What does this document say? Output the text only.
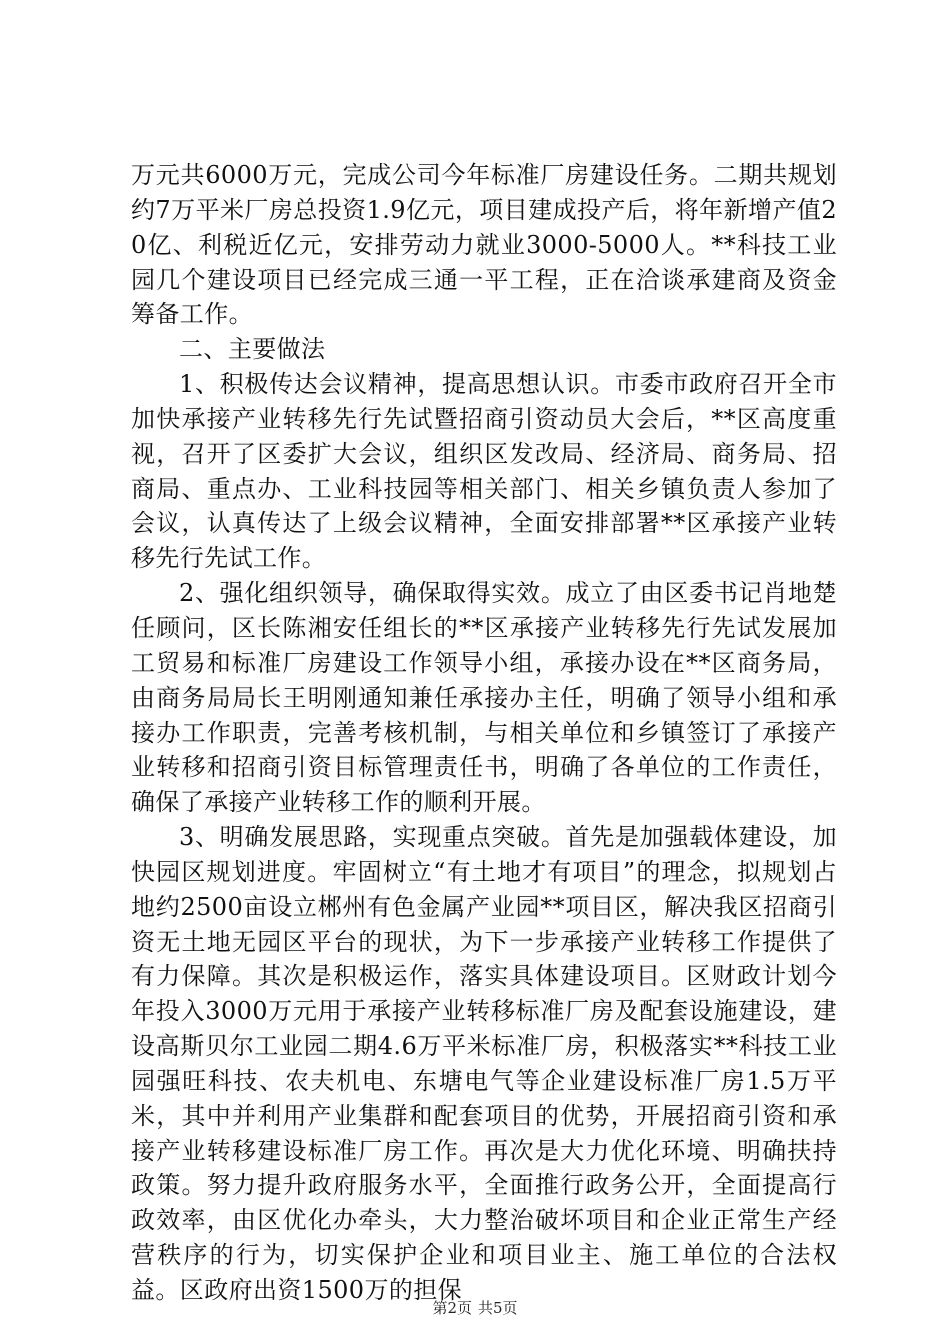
万元共6000万元，完成公司今年标准厂房建设任务。二期共规划约7万平米厂房总投资1.9亿元，项目建成投产后，将年新增产值20亿、利税近亿元，安排劳动力就业3000-5000人。**科技工业园几个建设项目已经完成三通一平工程，正在洽谈承建商及资金筹备工作。

二、主要做法

1、积极传达会议精神，提高思想认识。市委市政府召开全市加快承接产业转移先行先试暨招商引资动员大会后，**区高度重视，召开了区委扩大会议，组织区发改局、经济局、商务局、招商局、重点办、工业科技园等相关部门、相关乡镇负责人参加了会议，认真传达了上级会议精神，全面安排部署**区承接产业转移先行先试工作。

2、强化组织领导，确保取得实效。成立了由区委书记肖地楚任顾问，区长陈湘安任组长的**区承接产业转移先行先试发展加工贸易和标准厂房建设工作领导小组，承接办设在**区商务局，由商务局局长王明刚通知兼任承接办主任，明确了领导小组和承接办工作职责，完善考核机制，与相关单位和乡镇签订了承接产业转移和招商引资目标管理责任书，明确了各单位的工作责任，确保了承接产业转移工作的顺利开展。

3、明确发展思路，实现重点突破。首先是加强载体建设，加快园区规划进度。牢固树立“有土地才有项目”的理念，拟规划占地约2500亩设立郴州有色金属产业园**项目区，解决我区招商引资无土地无园区平台的现状，为下一步承接产业转移工作提供了有力保障。其次是积极运作，落实具体建设项目。区财政计划今年投入3000万元用于承接产业转移标准厂房及配套设施建设，建设高斯贝尔工业园二期4.6万平米标准厂房，积极落实**科技工业园强旺科技、农夫机电、东塘电气等企业建设标准厂房1.5万平米，其中并利用产业集群和配套项目的优势，开展招商引资和承接产业转移建设标准厂房工作。再次是大力优化环境、明确扶持政策。努力提升政府服务水平，全面推行政务公开，全面提高行政效率，由区优化办牵头，大力整治破坏项目和企业正常生产经营秩序的行为，切实保护企业和项目业主、施工单位的合法权益。区政府出资1500万的担保

第2页 共5页
